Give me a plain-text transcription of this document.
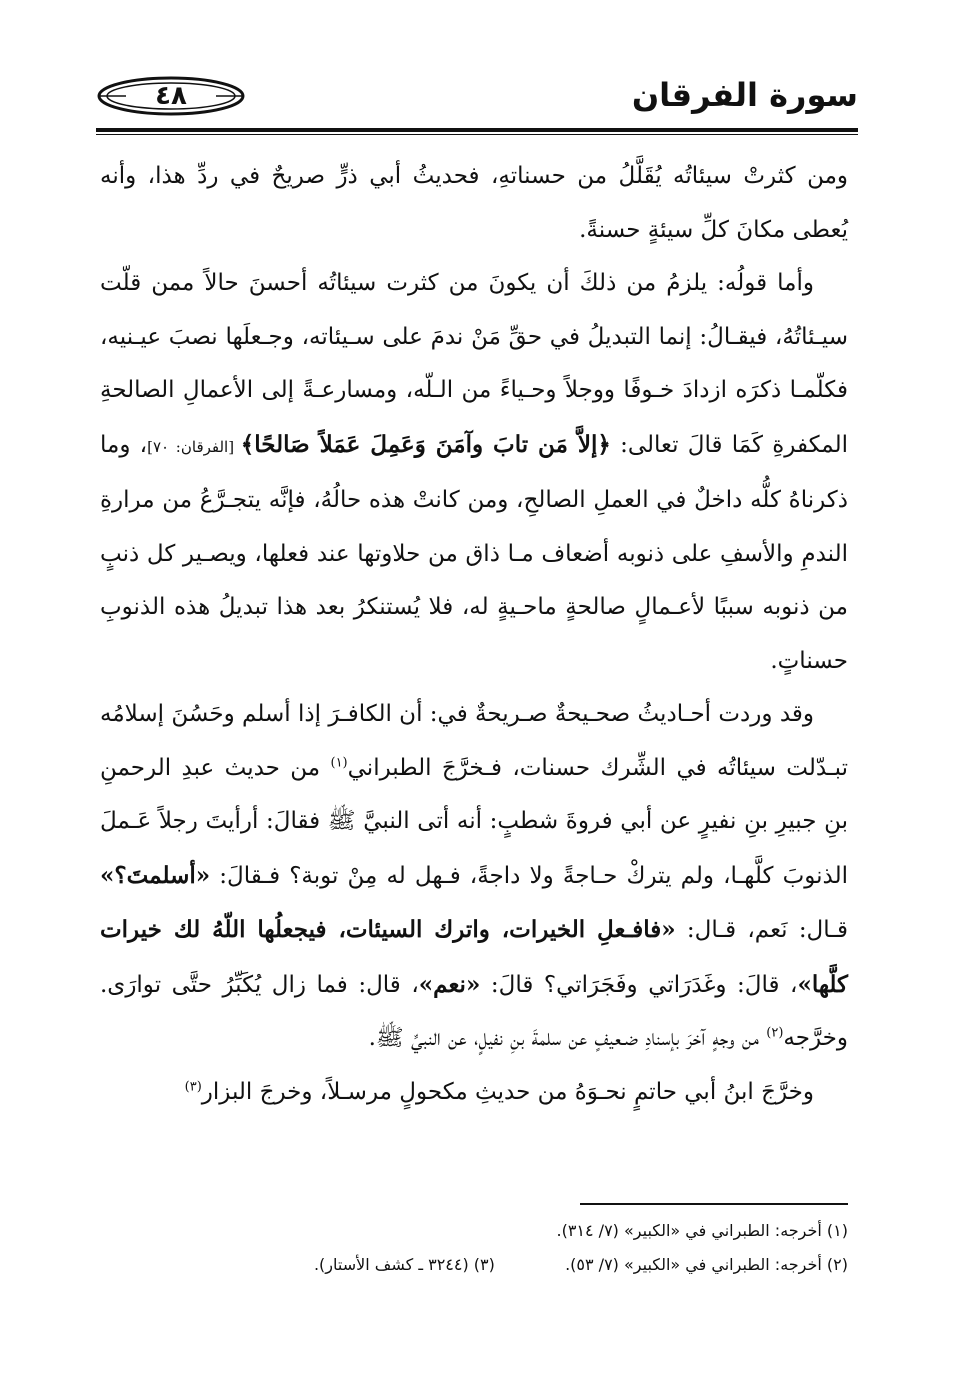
٤٨	سورة الفرقان

ومن كثرتْ سيئاتُه يُقَلَّلُ من حسناتهِ، فحديثُ أبي ذرٍّ صريحٌ في ردِّ هذا، وأنه يُعطى مكانَ كلِّ سيئةٍ حسنةً.

وأما قولُه: يلزمُ من ذلكَ أن يكونَ من كثرت سيئاتُه أحسنَ حالاً ممن قلّت سيـئاتُهُ، فيقـالُ: إنما التبديلُ في حقِّ مَنْ ندمَ على سـيئاته، وجـعلَها نصبَ عيـنيه، فكلّمـا ذكرَه ازدادَ خـوفًا ووجلاً وحـياءً من الـلّه، ومسارعـةً إلى الأعمالِ الصالحةِ المكفرةِ كَمَا قالَ تعالى: ﴿إلاَّ مَن تابَ وآمَنَ وَعَمِلَ عَمَلاً صَالحًا﴾ [الفرقان: ٧٠]، وما ذكرناهُ كلُّه داخلٌ في العملِ الصالحِ، ومن كانتْ هذه حالُهُ، فإنَّه يتجـرَّعُ من مرارةِ الندمِ والأسفِ على ذنوبه أضعاف مـا ذاق من حلاوتها عند فعلها، ويصـير كل ذنبٍ من ذنوبه سببًا لأعـمالٍ صالحةٍ ماحـيةٍ له، فلا يُستنكرُ بعد هذا تبديلُ هذه الذنوبِ حسناتٍ.

وقد وردت أحـاديثُ صحـيحةٌ صـريحةٌ في: أن الكافـرَ إذا أسلم وحَسُنَ إسلامُه تبـدّلت سيئاتُه في الشِّرك حسنات، فـخرَّجَ الطبراني$^{(١)}$ من حديث عبدِ الرحمنِ بنِ جبيرِ بنِ نفيرٍ عن أبي فروةَ شطبٍ: أنه أتى النبيَّ ﷺ فقالَ: أرأيتَ رجلاً عَـملَ الذنوبَ كلَّهـا، ولم يتركْ حـاجةً ولا داجةً، فـهل له مِنْ توبة؟ فـقالَ: «أسلمتَ؟» قـال: نَعم، قـال: «فافـعلِ الخيرات، واترك السيئات، فيجعلُها اللّهُ لك خيرات كلَّها»، قالَ: وغَدَرَاتي وفَجَرَاتي؟ قالَ: «نعم»، قال: فما زال يُكَبِّرُ حتَّى توارَى. وخرَّجه$^{(٢)}$ من وجهٍ آخرَ بإسنادِ ضـعيفٍ عن سلمةَ بنِ نفيلٍ، عن النبيِّ ﷺ.

وخرَّجَ ابنُ أبي حاتمٍ نحـوَهُ من حديثِ مكحولٍ مرسـلاً، وخرجَ البزار$^{(٣)}$

(١) أخرجه: الطبراني في «الكبير» (٧/ ٣١٤).
(٢) أخرجه: الطبراني في «الكبير» (٧/ ٥٣).  (٣) (٣٢٤٤ ـ كشف الأستار).
